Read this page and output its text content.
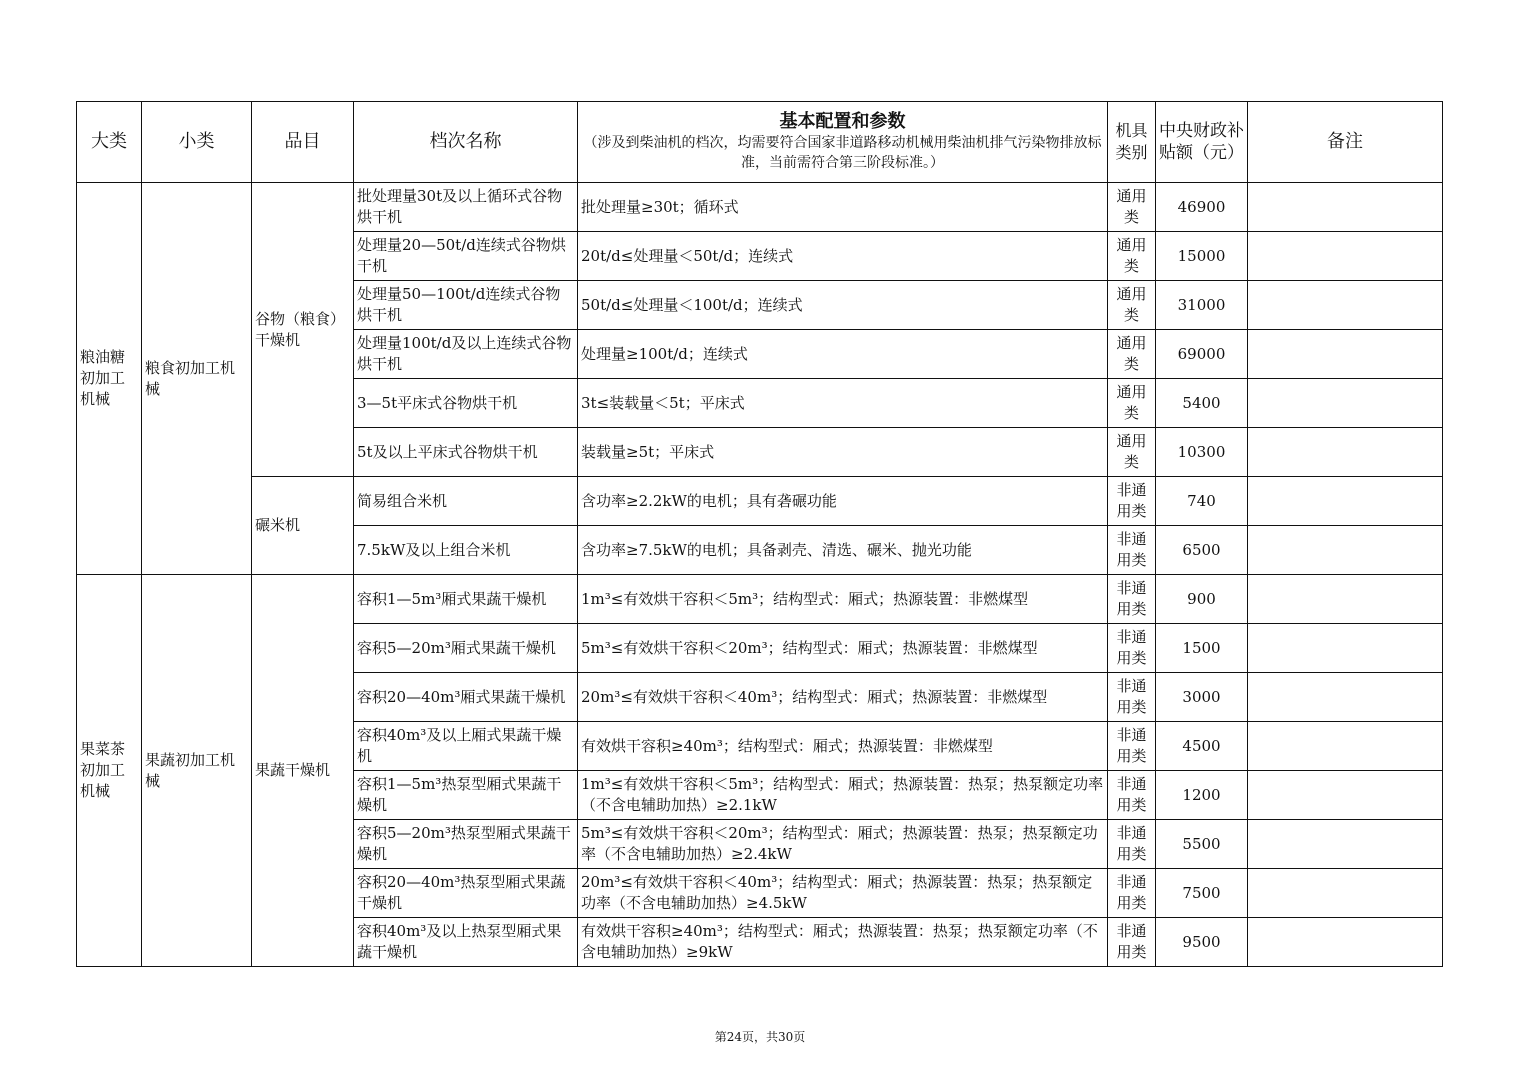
大类	小类	品目	档次名称	基本配置和参数
（涉及到柴油机的档次，均需要符合国家非道路移动机械用柴油机排气污染物排放标准，当前需符合第三阶段标准。）	机具类别	中央财政补贴额（元）	备注
粮油糖初加工机械	粮食初加工机械	谷物（粮食）干燥机	批处理量30t及以上循环式谷物烘干机	批处理量≥30t；循环式	通用类	46900	
			处理量20—50t/d连续式谷物烘干机	20t/d≤处理量＜50t/d；连续式	通用类	15000	
			处理量50—100t/d连续式谷物烘干机	50t/d≤处理量＜100t/d；连续式	通用类	31000	
			处理量100t/d及以上连续式谷物烘干机	处理量≥100t/d；连续式	通用类	69000	
			3—5t平床式谷物烘干机	3t≤装载量＜5t；平床式	通用类	5400	
			5t及以上平床式谷物烘干机	装载量≥5t；平床式	通用类	10300	
		碾米机	简易组合米机	含功率≥2.2kW的电机；具有砻碾功能	非通用类	740	
			7.5kW及以上组合米机	含功率≥7.5kW的电机；具备剥壳、清选、碾米、抛光功能	非通用类	6500	
果菜茶初加工机械	果蔬初加工机械	果蔬干燥机	容积1—5m³厢式果蔬干燥机	1m³≤有效烘干容积＜5m³；结构型式：厢式；热源装置：非燃煤型	非通用类	900	
			容积5—20m³厢式果蔬干燥机	5m³≤有效烘干容积＜20m³；结构型式：厢式；热源装置：非燃煤型	非通用类	1500	
			容积20—40m³厢式果蔬干燥机	20m³≤有效烘干容积＜40m³；结构型式：厢式；热源装置：非燃煤型	非通用类	3000	
			容积40m³及以上厢式果蔬干燥机	有效烘干容积≥40m³；结构型式：厢式；热源装置：非燃煤型	非通用类	4500	
			容积1—5m³热泵型厢式果蔬干燥机	1m³≤有效烘干容积＜5m³；结构型式：厢式；热源装置：热泵；热泵额定功率（不含电辅助加热）≥2.1kW	非通用类	1200	
			容积5—20m³热泵型厢式果蔬干燥机	5m³≤有效烘干容积＜20m³；结构型式：厢式；热源装置：热泵；热泵额定功率（不含电辅助加热）≥2.4kW	非通用类	5500	
			容积20—40m³热泵型厢式果蔬干燥机	20m³≤有效烘干容积＜40m³；结构型式：厢式；热源装置：热泵；热泵额定功率（不含电辅助加热）≥4.5kW	非通用类	7500	
			容积40m³及以上热泵型厢式果蔬干燥机	有效烘干容积≥40m³；结构型式：厢式；热源装置：热泵；热泵额定功率（不含电辅助加热）≥9kW	非通用类	9500	
第24页，共30页
